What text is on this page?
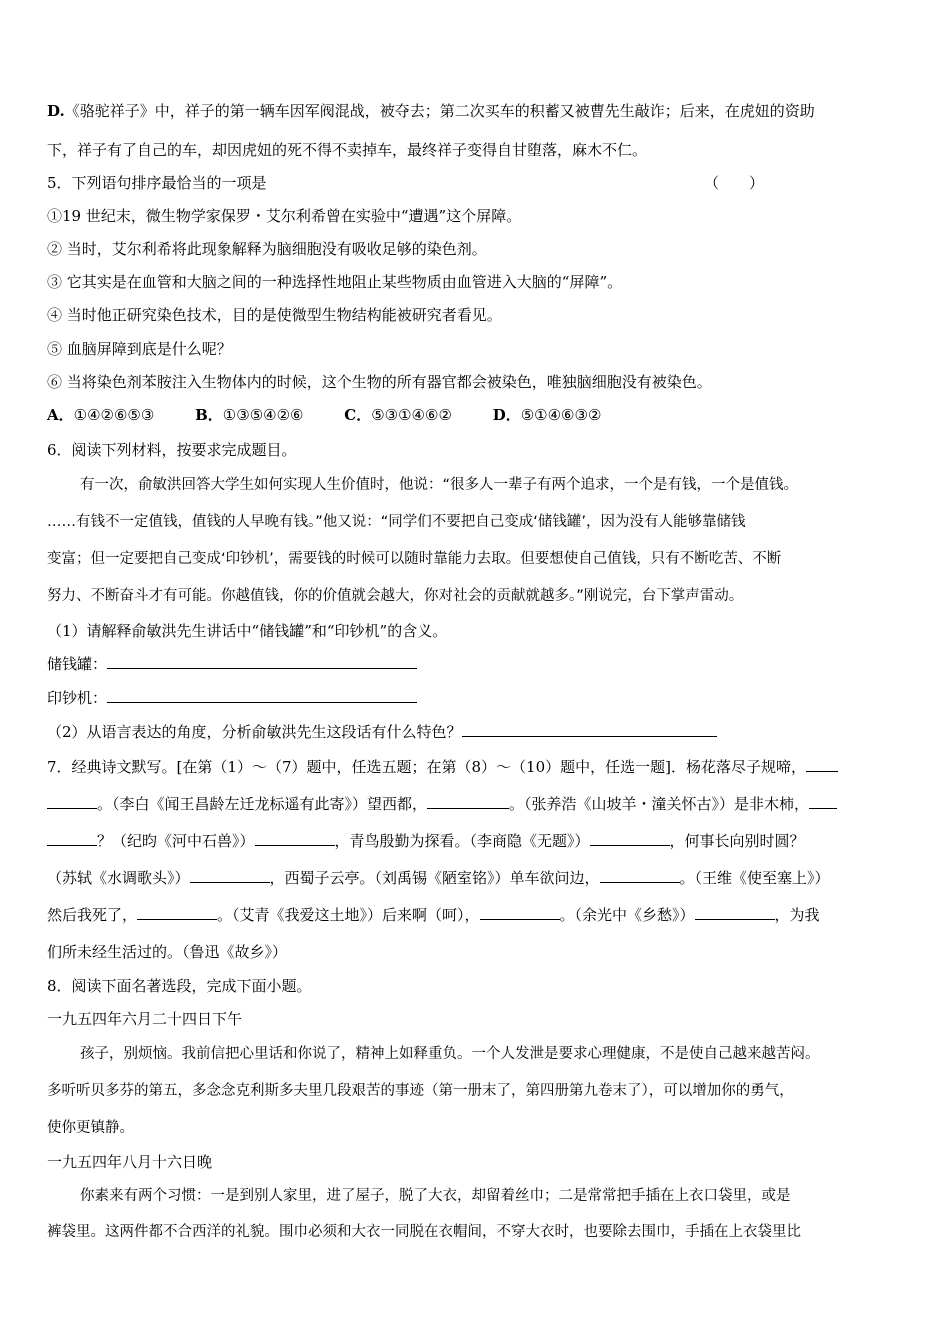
D.《骆驼祥子》中，祥子的第一辆车因军阀混战，被夺去；第二次买车的积蓄又被曹先生敲诈；后来，在虎妞的资助
下，祥子有了自己的车，却因虎妞的死不得不卖掉车，最终祥子变得自甘堕落，麻木不仁。
5．下列语句排序最恰当的一项是	（　　）
①19 世纪末，微生物学家保罗・艾尔利希曾在实验中“遭遇”这个屏障。
② 当时，艾尔利希将此现象解释为脑细胞没有吸收足够的染色剂。
③ 它其实是在血管和大脑之间的一种选择性地阻止某些物质由血管进入大脑的“屏障”。
④ 当时他正研究染色技术，目的是使微型生物结构能被研究者看见。
⑤ 血脑屏障到底是什么呢？
⑥ 当将染色剂苯胺注入生物体内的时候，这个生物的所有器官都会被染色，唯独脑细胞没有被染色。
A．①④②⑥⑤③	B．①③⑤④②⑥	C．⑤③①④⑥②	D．⑤①④⑥③②
6．阅读下列材料，按要求完成题目。
有一次，俞敏洪回答大学生如何实现人生价值时，他说：“很多人一辈子有两个追求，一个是有钱，一个是值钱。
……有钱不一定值钱，值钱的人早晚有钱。”他又说：“同学们不要把自己变成‘储钱罐’，因为没有人能够靠储钱
变富；但一定要把自己变成‘印钞机’，需要钱的时候可以随时靠能力去取。但要想使自己值钱，只有不断吃苦、不断
努力、不断奋斗才有可能。你越值钱，你的价值就会越大，你对社会的贡献就越多。”刚说完，台下掌声雷动。
（1）请解释俞敏洪先生讲话中“储钱罐”和“印钞机”的含义。
储钱罐：
印钞机：
（2）从语言表达的角度，分析俞敏洪先生这段话有什么特色？
7．经典诗文默写。[在第（1）～（7）题中，任选五题；在第（8）～（10）题中，任选一题]．杨花落尽子规啼，
。（李白《闻王昌龄左迁龙标遥有此寄》）望西都，	。（张养浩《山坡羊・潼关怀古》）是非木柿，
？（纪昀《河中石兽》）	，青鸟殷勤为探看。（李商隐《无题》）	，何事长向别时圆？
（苏轼《水调歌头》）	，西蜀子云亭。（刘禹锡《陋室铭》）单车欲问边，	。（王维《使至塞上》）
然后我死了，	。（艾青《我爱这土地》）后来啊（呵），	。（余光中《乡愁》）	，为我
们所未经生活过的。（鲁迅《故乡》）
8．阅读下面名著选段，完成下面小题。
一九五四年六月二十四日下午
孩子，别烦恼。我前信把心里话和你说了，精神上如释重负。一个人发泄是要求心理健康，不是使自己越来越苦闷。
多听听贝多芬的第五，多念念克利斯多夫里几段艰苦的事迹（第一册末了，第四册第九卷末了），可以增加你的勇气，
使你更镇静。
一九五四年八月十六日晚
你素来有两个习惯：一是到别人家里，进了屋子，脱了大衣，却留着丝巾；二是常常把手插在上衣口袋里，或是
裤袋里。这两件都不合西洋的礼貌。围巾必须和大衣一同脱在衣帽间，不穿大衣时，也要除去围巾，手插在上衣袋里比
